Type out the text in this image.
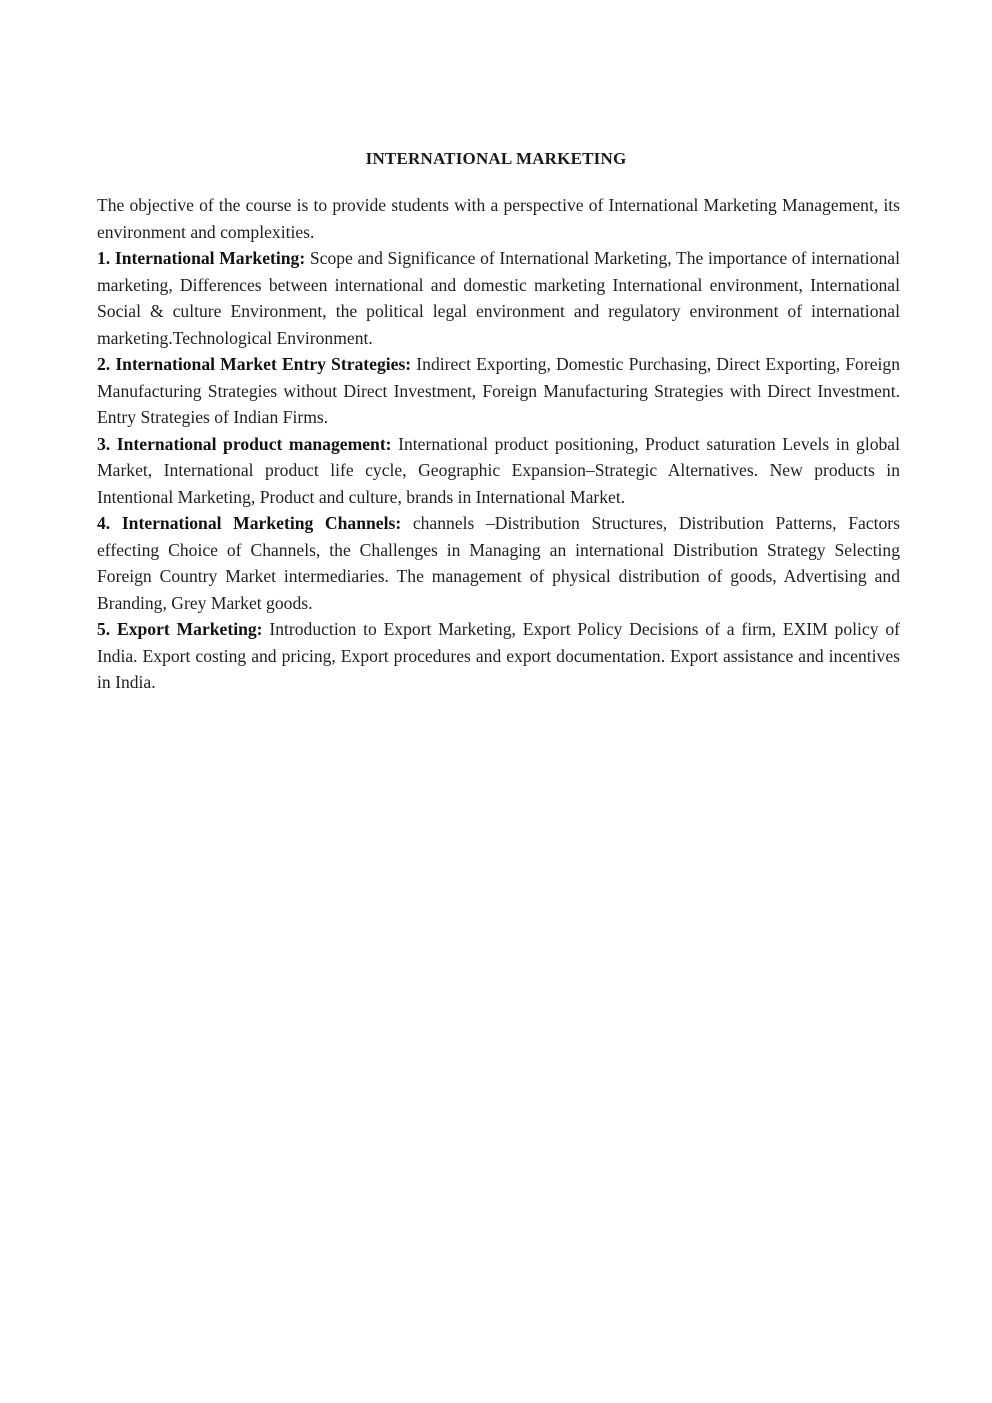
INTERNATIONAL MARKETING

The objective of the course is to provide students with a perspective of International Marketing Management, its environment and complexities.

1. International Marketing: Scope and Significance of International Marketing, The importance of international marketing, Differences between international and domestic marketing International environment, International Social & culture Environment, the political legal environment and regulatory environment of international marketing.Technological Environment.

2. International Market Entry Strategies: Indirect Exporting, Domestic Purchasing, Direct Exporting, Foreign Manufacturing Strategies without Direct Investment, Foreign Manufacturing Strategies with Direct Investment. Entry Strategies of Indian Firms.

3. International product management: International product positioning, Product saturation Levels in global Market, International product life cycle, Geographic Expansion–Strategic Alternatives. New products in Intentional Marketing, Product and culture, brands in International Market.

4. International Marketing Channels: channels –Distribution Structures, Distribution Patterns, Factors effecting Choice of Channels, the Challenges in Managing an international Distribution Strategy Selecting Foreign Country Market intermediaries. The management of physical distribution of goods, Advertising and Branding, Grey Market goods.

5. Export Marketing: Introduction to Export Marketing, Export Policy Decisions of a firm, EXIM policy of India. Export costing and pricing, Export procedures and export documentation. Export assistance and incentives in India.
